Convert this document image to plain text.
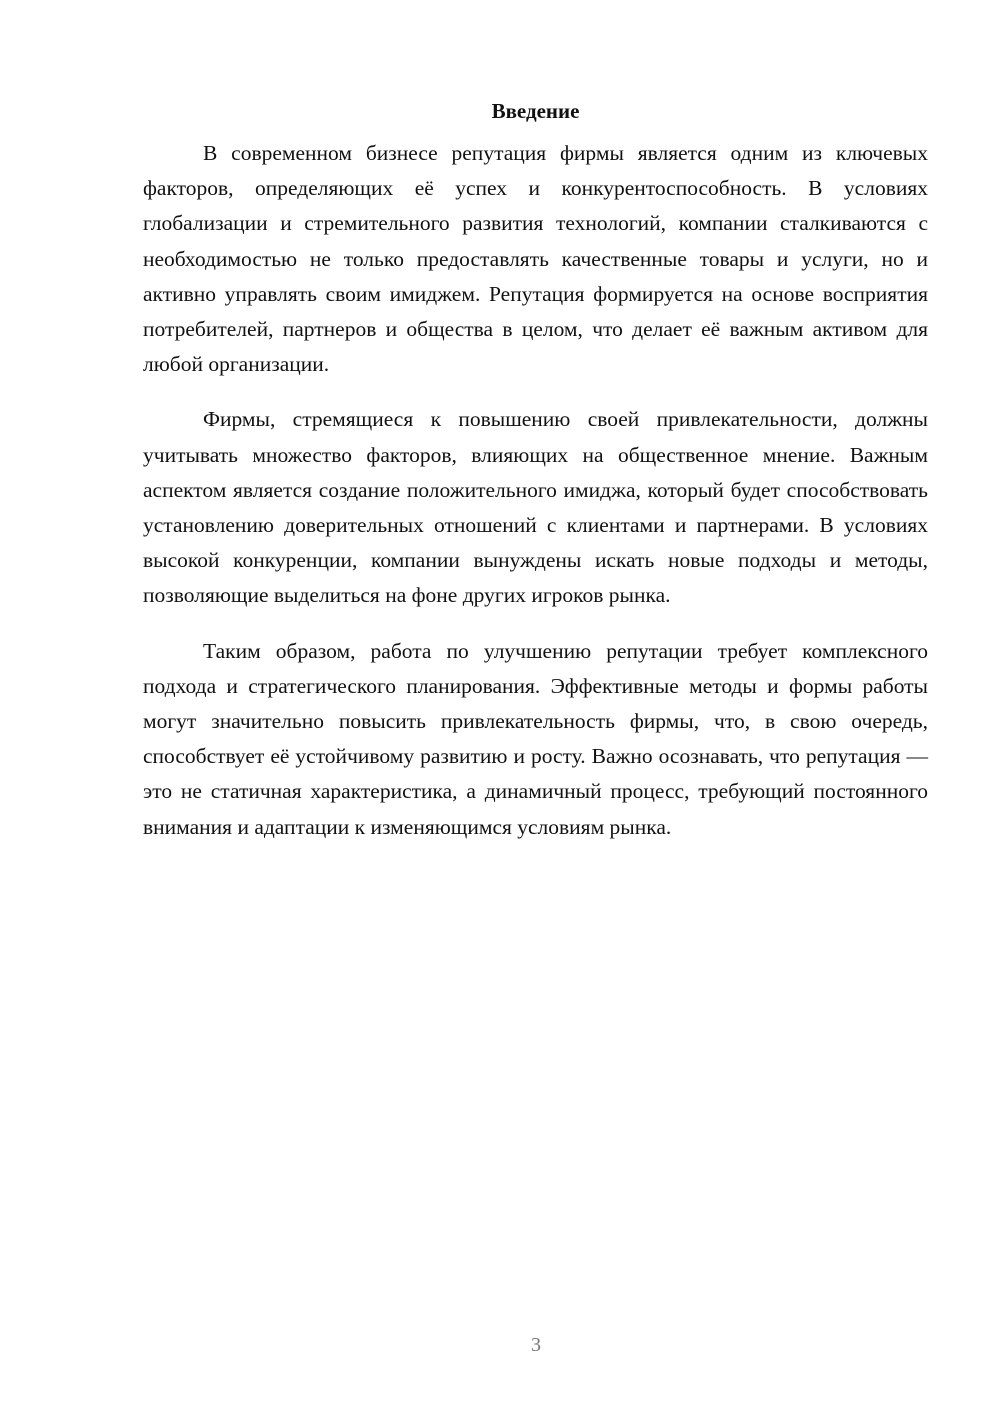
Введение

В современном бизнесе репутация фирмы является одним из ключевых факторов, определяющих её успех и конкурентоспособность. В условиях глобализации и стремительного развития технологий, компании сталкиваются с необходимостью не только предоставлять качественные товары и услуги, но и активно управлять своим имиджем. Репутация формируется на основе восприятия потребителей, партнеров и общества в целом, что делает её важным активом для любой организации.

Фирмы, стремящиеся к повышению своей привлекательности, должны учитывать множество факторов, влияющих на общественное мнение. Важным аспектом является создание положительного имиджа, который будет способствовать установлению доверительных отношений с клиентами и партнерами. В условиях высокой конкуренции, компании вынуждены искать новые подходы и методы, позволяющие выделиться на фоне других игроков рынка.

Таким образом, работа по улучшению репутации требует комплексного подхода и стратегического планирования. Эффективные методы и формы работы могут значительно повысить привлекательность фирмы, что, в свою очередь, способствует её устойчивому развитию и росту. Важно осознавать, что репутация — это не статичная характеристика, а динамичный процесс, требующий постоянного внимания и адаптации к изменяющимся условиям рынка.

3
